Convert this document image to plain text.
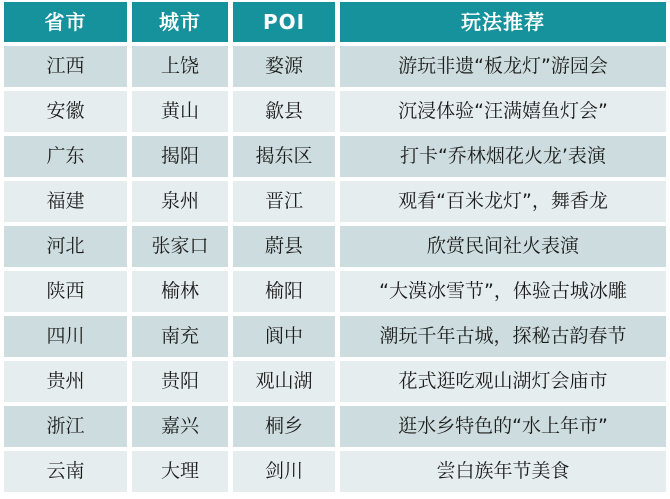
省市	城市	POI	玩法推荐
江西	上饶	婺源	游玩非遗“板龙灯”游园会
安徽	黄山	歙县	沉浸体验“汪满嬉鱼灯会”
广东	揭阳	揭东区	打卡“乔林烟花火龙’表演
福建	泉州	晋江	观看“百米龙灯”，舞香龙
河北	张家口	蔚县	欣赏民间社火表演
陕西	榆林	榆阳	“大漠冰雪节”，体验古城冰雕
四川	南充	阆中	潮玩千年古城，探秘古韵春节
贵州	贵阳	观山湖	花式逛吃观山湖灯会庙市
浙江	嘉兴	桐乡	逛水乡特色的“水上年市”
云南	大理	剑川	尝白族年节美食
